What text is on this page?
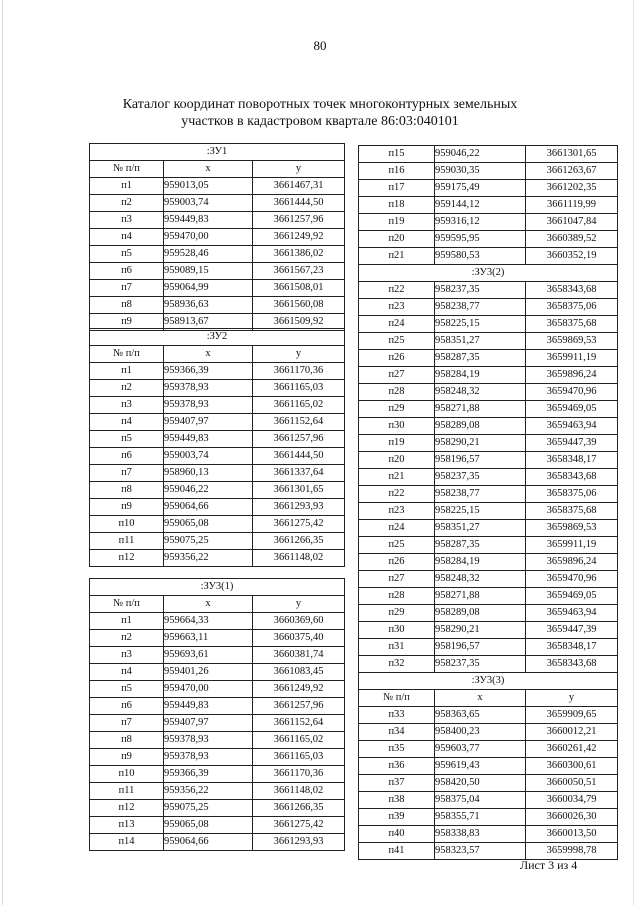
80
Каталог координат поворотных точек многоконтурных земельных
участков в кадастровом квартале 86:03:040101
:ЗУ1		
№ п/п	x	y
п1	959013,05	3661467,31
п2	959003,74	3661444,50
п3	959449,83	3661257,96
п4	959470,00	3661249,92
п5	959528,46	3661386,02
п6	959089,15	3661567,23
п7	959064,99	3661508,01
п8	958936,63	3661560,08
п9	958913,67	3661509,92
:ЗУ2		
№ п/п	x	y
п1	959366,39	3661170,36
п2	959378,93	3661165,03
п3	959378,93	3661165,02
п4	959407,97	3661152,64
п5	959449,83	3661257,96
п6	959003,74	3661444,50
п7	958960,13	3661337,64
п8	959046,22	3661301,65
п9	959064,66	3661293,93
п10	959065,08	3661275,42
п11	959075,25	3661266,35
п12	959356,22	3661148,02
:ЗУ3(1)		
№ п/п	x	y
п1	959664,33	3660369,60
п2	959663,11	3660375,40
п3	959693,61	3660381,74
п4	959401,26	3661083,45
п5	959470,00	3661249,92
п6	959449,83	3661257,96
п7	959407,97	3661152,64
п8	959378,93	3661165,02
п9	959378,93	3661165,03
п10	959366,39	3661170,36
п11	959356,22	3661148,02
п12	959075,25	3661266,35
п13	959065,08	3661275,42
п14	959064,66	3661293,93
п15	959046,22	3661301,65
п16	959030,35	3661263,67
п17	959175,49	3661202,35
п18	959144,12	3661119,99
п19	959316,12	3661047,84
п20	959595,95	3660389,52
п21	959580,53	3660352,19
:ЗУ3(2)		
п22	958237,35	3658343,68
п23	958238,77	3658375,06
п24	958225,15	3658375,68
п25	958351,27	3659869,53
п26	958287,35	3659911,19
п27	958284,19	3659896,24
п28	958248,32	3659470,96
п29	958271,88	3659469,05
п30	958289,08	3659463,94
п19	958290,21	3659447,39
п20	958196,57	3658348,17
п21	958237,35	3658343,68
п22	958238,77	3658375,06
п23	958225,15	3658375,68
п24	958351,27	3659869,53
п25	958287,35	3659911,19
п26	958284,19	3659896,24
п27	958248,32	3659470,96
п28	958271,88	3659469,05
п29	958289,08	3659463,94
п30	958290,21	3659447,39
п31	958196,57	3658348,17
п32	958237,35	3658343,68
:ЗУ3(3)		
№ п/п	x	y
п33	958363,65	3659909,65
п34	958400,23	3660012,21
п35	959603,77	3660261,42
п36	959619,43	3660300,61
п37	958420,50	3660050,51
п38	958375,04	3660034,79
п39	958355,71	3660026,30
п40	958338,83	3660013,50
п41	958323,57	3659998,78
Лист 3 из 4
